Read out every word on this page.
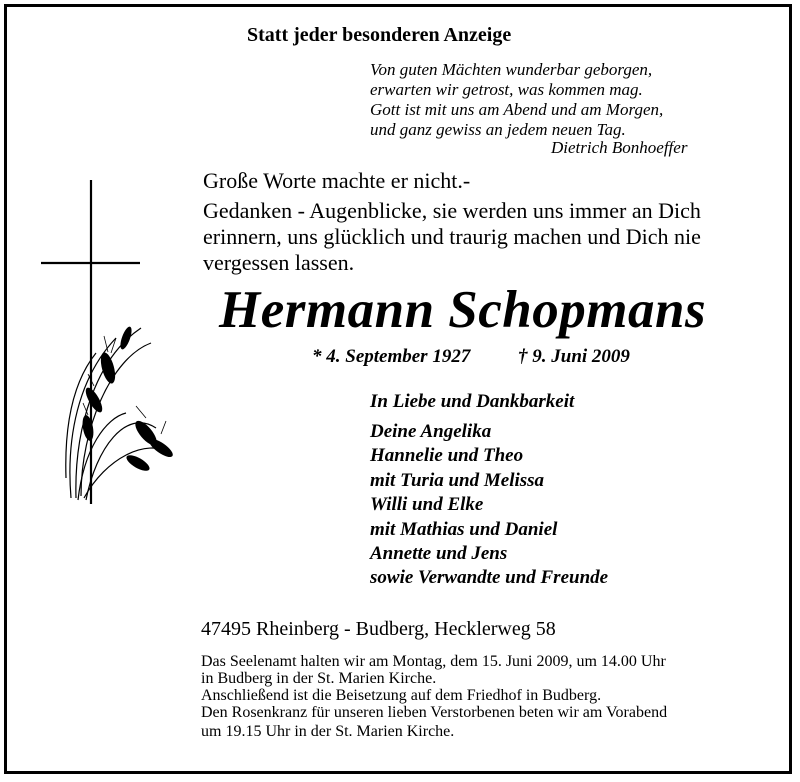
Statt jeder besonderen Anzeige
Von guten Mächten wunderbar geborgen,
erwarten wir getrost, was kommen mag.
Gott ist mit uns am Abend und am Morgen,
und ganz gewiss an jedem neuen Tag.
Dietrich Bonhoeffer
Große Worte machte er nicht.-
Gedanken - Augenblicke, sie werden uns immer an Dich
erinnern, uns glücklich und traurig machen und Dich nie
vergessen lassen.
Hermann Schopmans
* 4. September 1927	† 9. Juni 2009
In Liebe und Dankbarkeit
Deine Angelika
Hannelie und Theo
mit Turia und Melissa
Willi und Elke
mit Mathias und Daniel
Annette und Jens
sowie Verwandte und Freunde
47495 Rheinberg - Budberg, Hecklerweg 58
Das Seelenamt halten wir am Montag, dem 15. Juni 2009, um 14.00 Uhr
in Budberg in der St. Marien Kirche.
Anschließend ist die Beisetzung auf dem Friedhof in Budberg.
Den Rosenkranz für unseren lieben Verstorbenen beten wir am Vorabend
um 19.15 Uhr in der St. Marien Kirche.
